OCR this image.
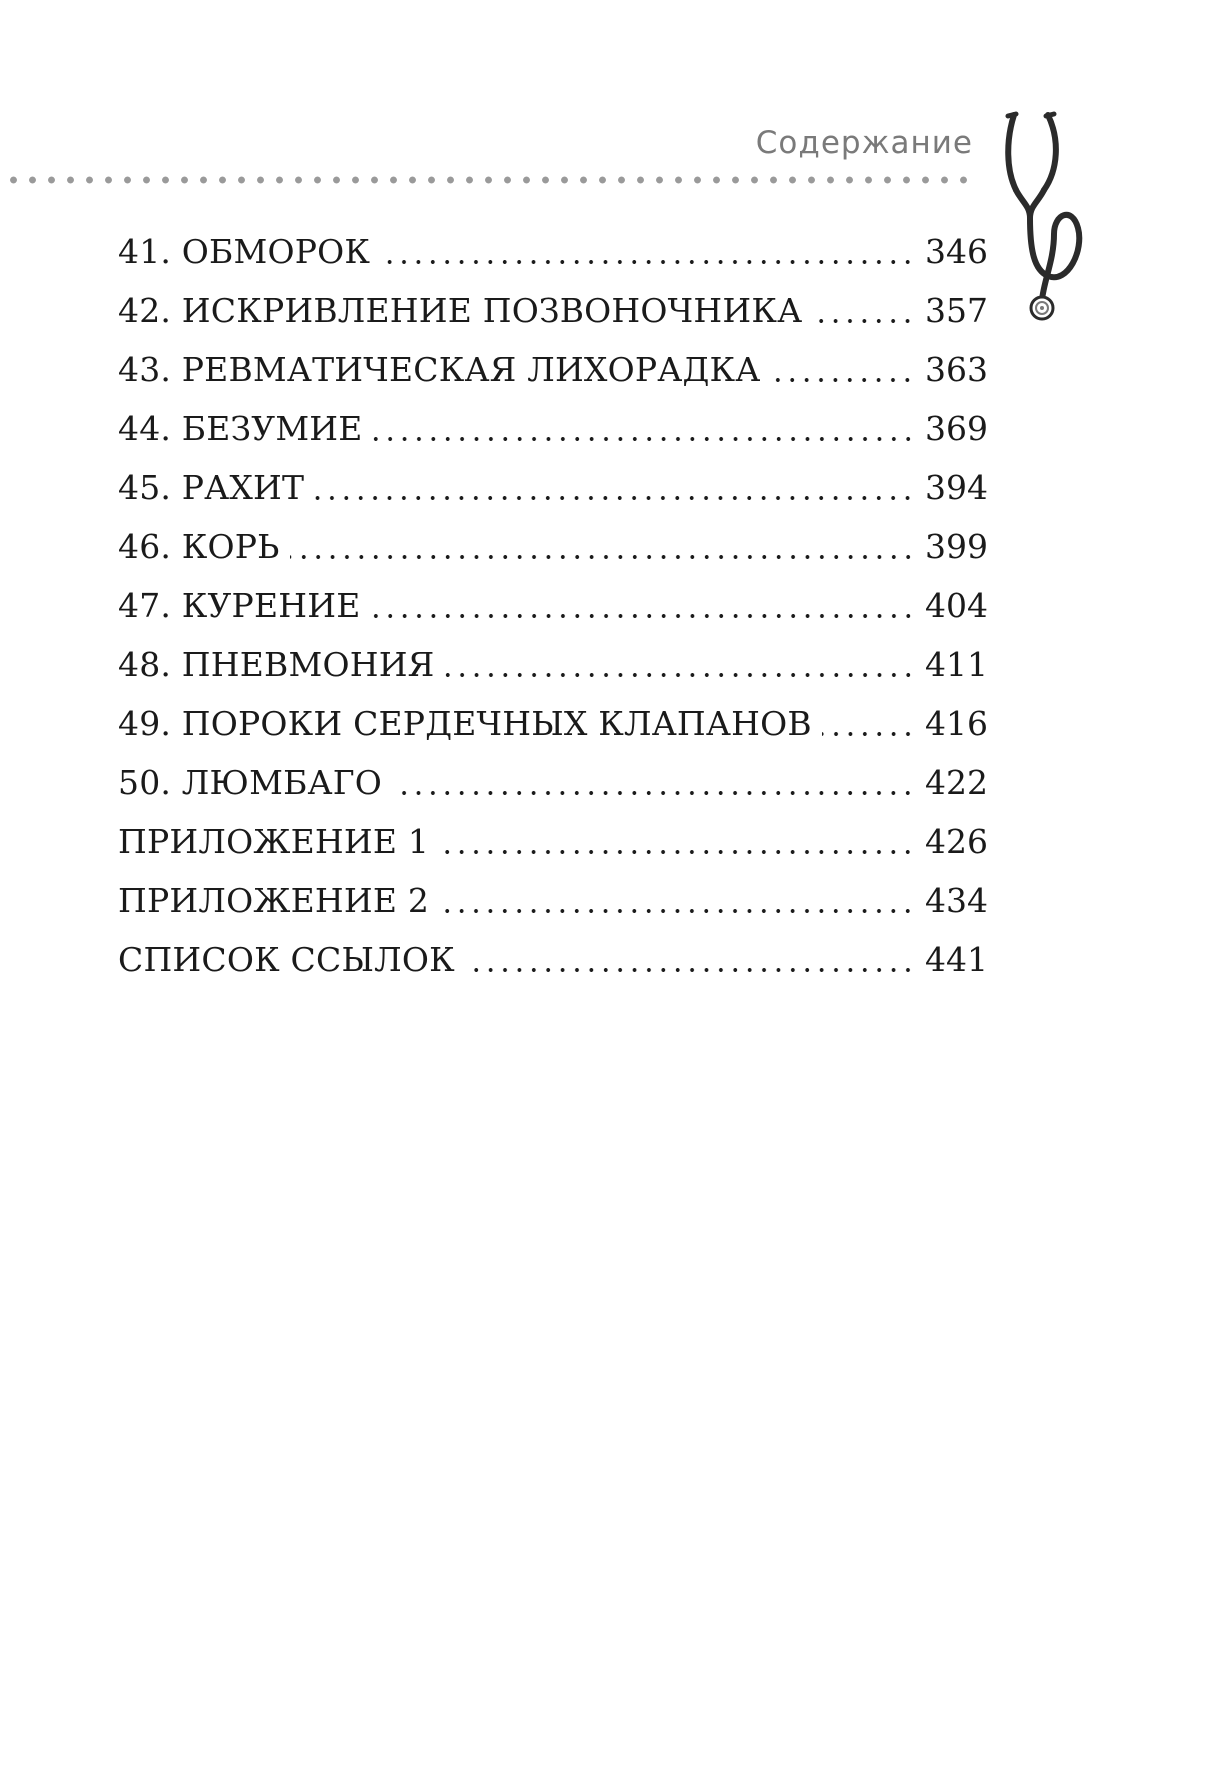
Содержание
41. ОБМОРОК	346
42. ИСКРИВЛЕНИЕ ПОЗВОНОЧНИКА	357
43. РЕВМАТИЧЕСКАЯ ЛИХОРАДКА	363
44. БЕЗУМИЕ	369
45. РАХИТ	394
46. КОРЬ	399
47. КУРЕНИЕ	404
48. ПНЕВМОНИЯ	411
49. ПОРОКИ СЕРДЕЧНЫХ КЛАПАНОВ	416
50. ЛЮМБАГО	422
ПРИЛОЖЕНИЕ 1	426
ПРИЛОЖЕНИЕ 2	434
СПИСОК ССЫЛОК	441
